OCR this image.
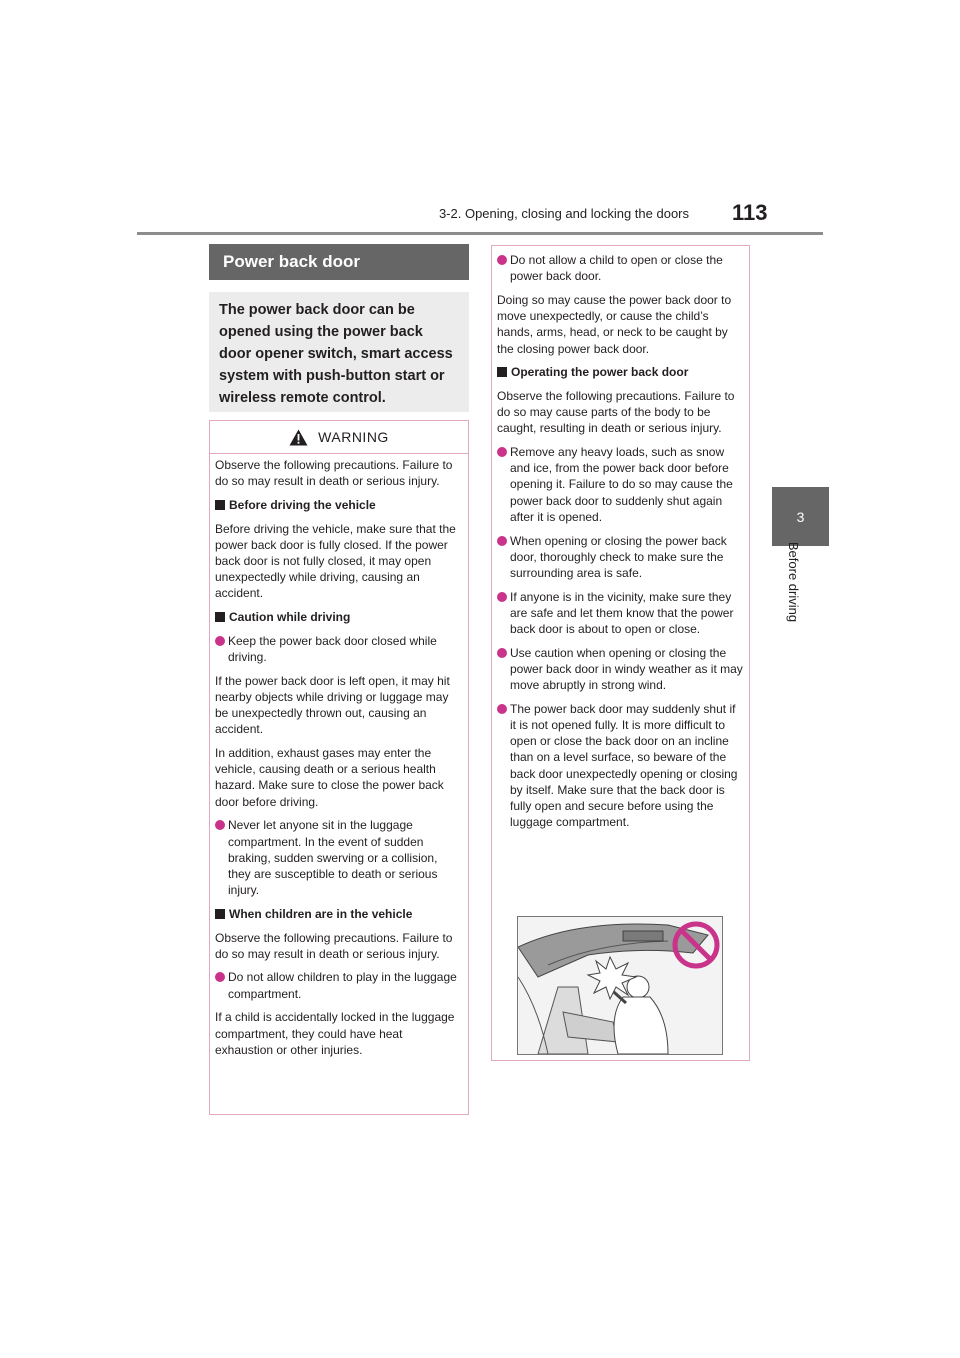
3-2. Opening, closing and locking the doors 113
3
Before driving
Power back door
The power back door can be opened using the power back door opener switch, smart access system with push-button start or wireless remote control.
WARNING

Observe the following precautions. Failure to do so may result in death or serious injury.

Before driving the vehicle

Before driving the vehicle, make sure that the power back door is fully closed. If the power back door is not fully closed, it may open unexpectedly while driving, causing an accident.

Caution while driving

Keep the power back door closed while driving.

If the power back door is left open, it may hit nearby objects while driving or luggage may be unexpectedly thrown out, causing an accident.

In addition, exhaust gases may enter the vehicle, causing death or a serious health hazard. Make sure to close the power back door before driving.

Never let anyone sit in the luggage compartment. In the event of sudden braking, sudden swerving or a collision, they are susceptible to death or serious injury.

When children are in the vehicle

Observe the following precautions. Failure to do so may result in death or serious injury.

Do not allow children to play in the luggage compartment.

If a child is accidentally locked in the luggage compartment, they could have heat exhaustion or other injuries.

Do not allow a child to open or close the power back door.

Doing so may cause the power back door to move unexpectedly, or cause the child’s hands, arms, head, or neck to be caught by the closing power back door.

Operating the power back door

Observe the following precautions. Failure to do so may cause parts of the body to be caught, resulting in death or serious injury.

Remove any heavy loads, such as snow and ice, from the power back door before opening it. Failure to do so may cause the power back door to suddenly shut again after it is opened.

When opening or closing the power back door, thoroughly check to make sure the surrounding area is safe.

If anyone is in the vicinity, make sure they are safe and let them know that the power back door is about to open or close.

Use caution when opening or closing the power back door in windy weather as it may move abruptly in strong wind.

The power back door may suddenly shut if it is not opened fully. It is more difficult to open or close the back door on an incline than on a level surface, so beware of the back door unexpectedly opening or closing by itself. Make sure that the back door is fully open and secure before using the luggage compartment.
